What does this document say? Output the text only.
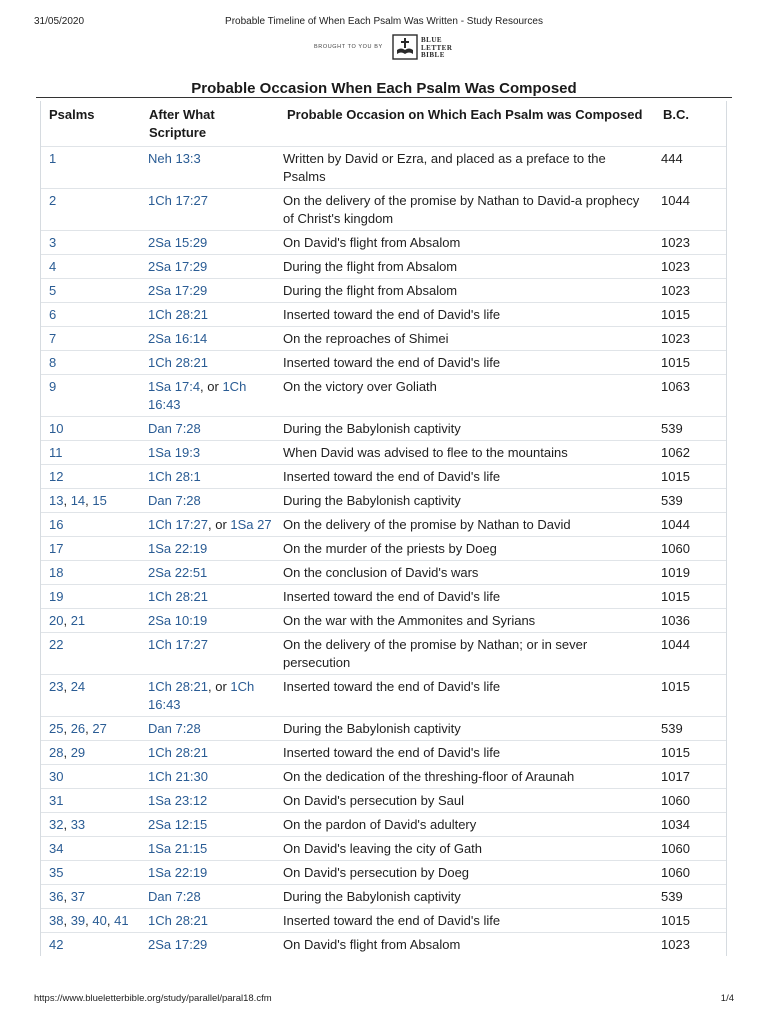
31/05/2020	Probable Timeline of When Each Psalm Was Written - Study Resources
BROUGHT TO YOU BY
BLUE
LETTER
BIBLE
Probable Occasion When Each Psalm Was Composed
Psalms	After What Scripture	Probable Occasion on Which Each Psalm was Composed	B.C.
1	Neh 13:3	Written by David or Ezra, and placed as a preface to the Psalms	444
2	1Ch 17:27	On the delivery of the promise by Nathan to David-a prophecy of Christ's kingdom	1044
3	2Sa 15:29	On David's flight from Absalom	1023
4	2Sa 17:29	During the flight from Absalom	1023
5	2Sa 17:29	During the flight from Absalom	1023
6	1Ch 28:21	Inserted toward the end of David's life	1015
7	2Sa 16:14	On the reproaches of Shimei	1023
8	1Ch 28:21	Inserted toward the end of David's life	1015
9	1Sa 17:4, or 1Ch 16:43	On the victory over Goliath	1063
10	Dan 7:28	During the Babylonish captivity	539
11	1Sa 19:3	When David was advised to flee to the mountains	1062
12	1Ch 28:1	Inserted toward the end of David's life	1015
13, 14, 15	Dan 7:28	During the Babylonish captivity	539
16	1Ch 17:27, or 1Sa 27	On the delivery of the promise by Nathan to David	1044
17	1Sa 22:19	On the murder of the priests by Doeg	1060
18	2Sa 22:51	On the conclusion of David's wars	1019
19	1Ch 28:21	Inserted toward the end of David's life	1015
20, 21	2Sa 10:19	On the war with the Ammonites and Syrians	1036
22	1Ch 17:27	On the delivery of the promise by Nathan; or in sever persecution	1044
23, 24	1Ch 28:21, or 1Ch 16:43	Inserted toward the end of David's life	1015
25, 26, 27	Dan 7:28	During the Babylonish captivity	539
28, 29	1Ch 28:21	Inserted toward the end of David's life	1015
30	1Ch 21:30	On the dedication of the threshing-floor of Araunah	1017
31	1Sa 23:12	On David's persecution by Saul	1060
32, 33	2Sa 12:15	On the pardon of David's adultery	1034
34	1Sa 21:15	On David's leaving the city of Gath	1060
35	1Sa 22:19	On David's persecution by Doeg	1060
36, 37	Dan 7:28	During the Babylonish captivity	539
38, 39, 40, 41	1Ch 28:21	Inserted toward the end of David's life	1015
42	2Sa 17:29	On David's flight from Absalom	1023
https://www.blueletterbible.org/study/parallel/paral18.cfm	1/4
